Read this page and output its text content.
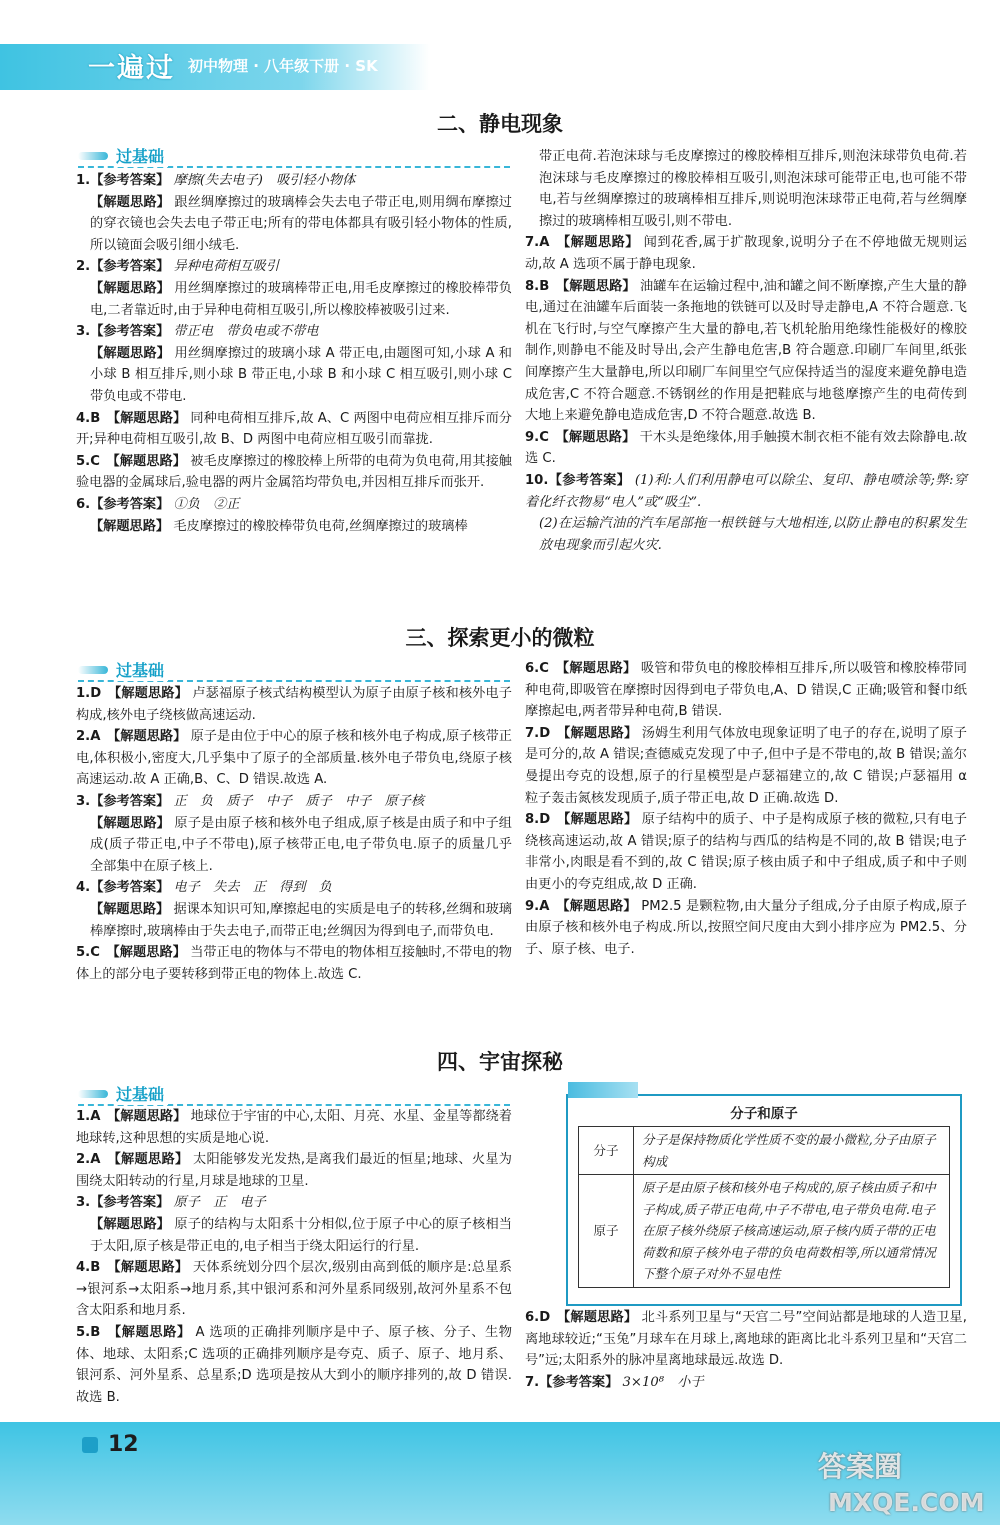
一遍过 初中物理 · 八年级下册 · SK
二、静电现象
过基础

1.【参考答案】 摩擦(失去电子)　吸引轻小物体

【解题思路】 跟丝绸摩擦过的玻璃棒会失去电子带正电,则用绸布摩擦过的穿衣镜也会失去电子带正电;所有的带电体都具有吸引轻小物体的性质,所以镜面会吸引细小绒毛.

2.【参考答案】 异种电荷相互吸引

【解题思路】 用丝绸摩擦过的玻璃棒带正电,用毛皮摩擦过的橡胶棒带负电,二者靠近时,由于异种电荷相互吸引,所以橡胶棒被吸引过来.

3.【参考答案】 带正电　带负电或不带电

【解题思路】 用丝绸摩擦过的玻璃小球 A 带正电,由题图可知,小球 A 和小球 B 相互排斥,则小球 B 带正电,小球 B 和小球 C 相互吸引,则小球 C 带负电或不带电.

4.B　【解题思路】 同种电荷相互排斥,故 A、C 两图中电荷应相互排斥而分开;异种电荷相互吸引,故 B、D 两图中电荷应相互吸引而靠拢.

5.C　【解题思路】 被毛皮摩擦过的橡胶棒上所带的电荷为负电荷,用其接触验电器的金属球后,验电器的两片金属箔均带负电,并因相互排斥而张开.

6.【参考答案】 ①负　②正

【解题思路】 毛皮摩擦过的橡胶棒带负电荷,丝绸摩擦过的玻璃棒

带正电荷.若泡沫球与毛皮摩擦过的橡胶棒相互排斥,则泡沫球带负电荷.若泡沫球与毛皮摩擦过的橡胶棒相互吸引,则泡沫球可能带正电,也可能不带电,若与丝绸摩擦过的玻璃棒相互排斥,则说明泡沫球带正电荷,若与丝绸摩擦过的玻璃棒相互吸引,则不带电.

7.A　【解题思路】 闻到花香,属于扩散现象,说明分子在不停地做无规则运动,故 A 选项不属于静电现象.

8.B　【解题思路】 油罐车在运输过程中,油和罐之间不断摩擦,产生大量的静电,通过在油罐车后面装一条拖地的铁链可以及时导走静电,A 不符合题意.飞机在飞行时,与空气摩擦产生大量的静电,若飞机轮胎用绝缘性能极好的橡胶制作,则静电不能及时导出,会产生静电危害,B 符合题意.印刷厂车间里,纸张间摩擦产生大量静电,所以印刷厂车间里空气应保持适当的湿度来避免静电造成危害,C 不符合题意.不锈钢丝的作用是把鞋底与地毯摩擦产生的电荷传到大地上来避免静电造成危害,D 不符合题意.故选 B.

9.C　【解题思路】 干木头是绝缘体,用手触摸木制衣柜不能有效去除静电.故选 C.

10.【参考答案】 (1)利:人们利用静电可以除尘、复印、静电喷涂等;弊:穿着化纤衣物易“电人”或“吸尘”.

(2)在运输汽油的汽车尾部拖一根铁链与大地相连,以防止静电的积累发生放电现象而引起火灾.

三、探索更小的微粒
过基础

1.D　【解题思路】 卢瑟福原子核式结构模型认为原子由原子核和核外电子构成,核外电子绕核做高速运动.

2.A　【解题思路】 原子是由位于中心的原子核和核外电子构成,原子核带正电,体积极小,密度大,几乎集中了原子的全部质量.核外电子带负电,绕原子核高速运动.故 A 正确,B、C、D 错误.故选 A.

3.【参考答案】 正　负　质子　中子　质子　中子　原子核

【解题思路】 原子是由原子核和核外电子组成,原子核是由质子和中子组成(质子带正电,中子不带电),原子核带正电,电子带负电.原子的质量几乎全部集中在原子核上.

4.【参考答案】 电子　失去　正　得到　负

【解题思路】 据课本知识可知,摩擦起电的实质是电子的转移,丝绸和玻璃棒摩擦时,玻璃棒由于失去电子,而带正电;丝绸因为得到电子,而带负电.

5.C　【解题思路】 当带正电的物体与不带电的物体相互接触时,不带电的物体上的部分电子要转移到带正电的物体上.故选 C.

6.C　【解题思路】 吸管和带负电的橡胶棒相互排斥,所以吸管和橡胶棒带同种电荷,即吸管在摩擦时因得到电子带负电,A、D 错误,C 正确;吸管和餐巾纸摩擦起电,两者带异种电荷,B 错误.

7.D　【解题思路】 汤姆生利用气体放电现象证明了电子的存在,说明了原子是可分的,故 A 错误;查德威克发现了中子,但中子是不带电的,故 B 错误;盖尔曼提出夸克的设想,原子的行星模型是卢瑟福建立的,故 C 错误;卢瑟福用 α 粒子轰击氮核发现质子,质子带正电,故 D 正确.故选 D.

8.D　【解题思路】 原子结构中的质子、中子是构成原子核的微粒,只有电子绕核高速运动,故 A 错误;原子的结构与西瓜的结构是不同的,故 B 错误;电子非常小,肉眼是看不到的,故 C 错误;原子核由质子和中子组成,质子和中子则由更小的夸克组成,故 D 正确.

9.A　【解题思路】 PM2.5 是颗粒物,由大量分子组成,分子由原子构成,原子由原子核和核外电子构成.所以,按照空间尺度由大到小排序应为 PM2.5、分子、原子核、电子.

四、宇宙探秘
过基础

1.A　【解题思路】 地球位于宇宙的中心,太阳、月亮、水星、金星等都绕着地球转,这种思想的实质是地心说.

2.A　【解题思路】 太阳能够发光发热,是离我们最近的恒星;地球、火星为围绕太阳转动的行星,月球是地球的卫星.

3.【参考答案】 原子　正　电子

【解题思路】 原子的结构与太阳系十分相似,位于原子中心的原子核相当于太阳,原子核是带正电的,电子相当于绕太阳运行的行星.

4.B　【解题思路】 天体系统划分四个层次,级别由高到低的顺序是:总星系→银河系→太阳系→地月系,其中银河系和河外星系同级别,故河外星系不包含太阳系和地月系.

5.B　【解题思路】 A 选项的正确排列顺序是中子、原子核、分子、生物体、地球、太阳系;C 选项的正确排列顺序是夸克、质子、原子、地月系、银河系、河外星系、总星系;D 选项是按从大到小的顺序排列的,故 D 错误.故选 B.

分子和原子
分子	分子是保持物质化学性质不变的最小微粒,分子由原子构成
原子	原子是由原子核和核外电子构成的,原子核由质子和中子构成,质子带正电荷,中子不带电,电子带负电荷.电子在原子核外绕原子核高速运动,原子核内质子带的正电荷数和原子核外电子带的负电荷数相等,所以通常情况下整个原子对外不显电性

6.D　【解题思路】 北斗系列卫星与“天宫二号”空间站都是地球的人造卫星,离地球较近;“玉兔”月球车在月球上,离地球的距离比北斗系列卫星和“天宫二号”远;太阳系外的脉冲星离地球最远.故选 D.

7.【参考答案】 3×10⁸　小于

12
答案圈
MXQE.COM
